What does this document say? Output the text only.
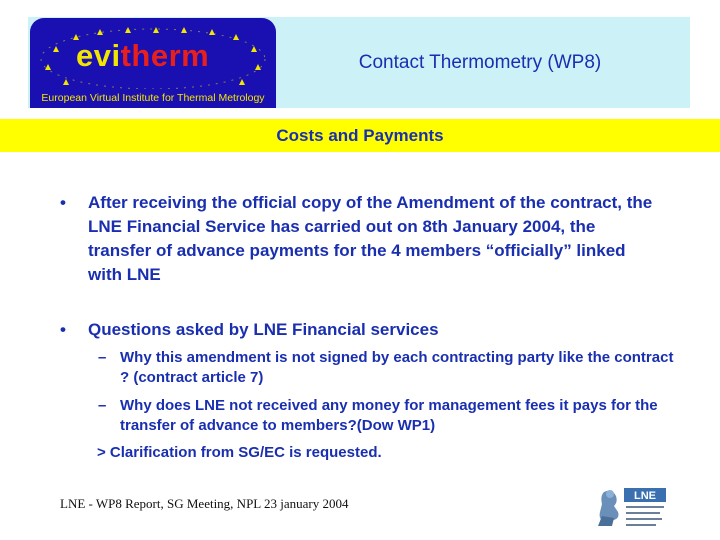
evitherm
European Virtual Institute for Thermal Metrology
Contact Thermometry (WP8)
Costs and Payments
• After receiving the official copy of the Amendment of the contract, the LNE Financial Service has carried out on 8th January 2004, the transfer of advance payments for the 4 members “officially” linked with LNE
• Questions asked by LNE Financial services
– Why this amendment is not signed by each contracting party like the contract ? (contract article 7)
– Why does LNE not received any money for management fees it pays for the transfer of advance to members?(Dow WP1)
> Clarification from SG/EC is requested.
LNE - WP8 Report, SG Meeting, NPL 23 january 2004	LNE
